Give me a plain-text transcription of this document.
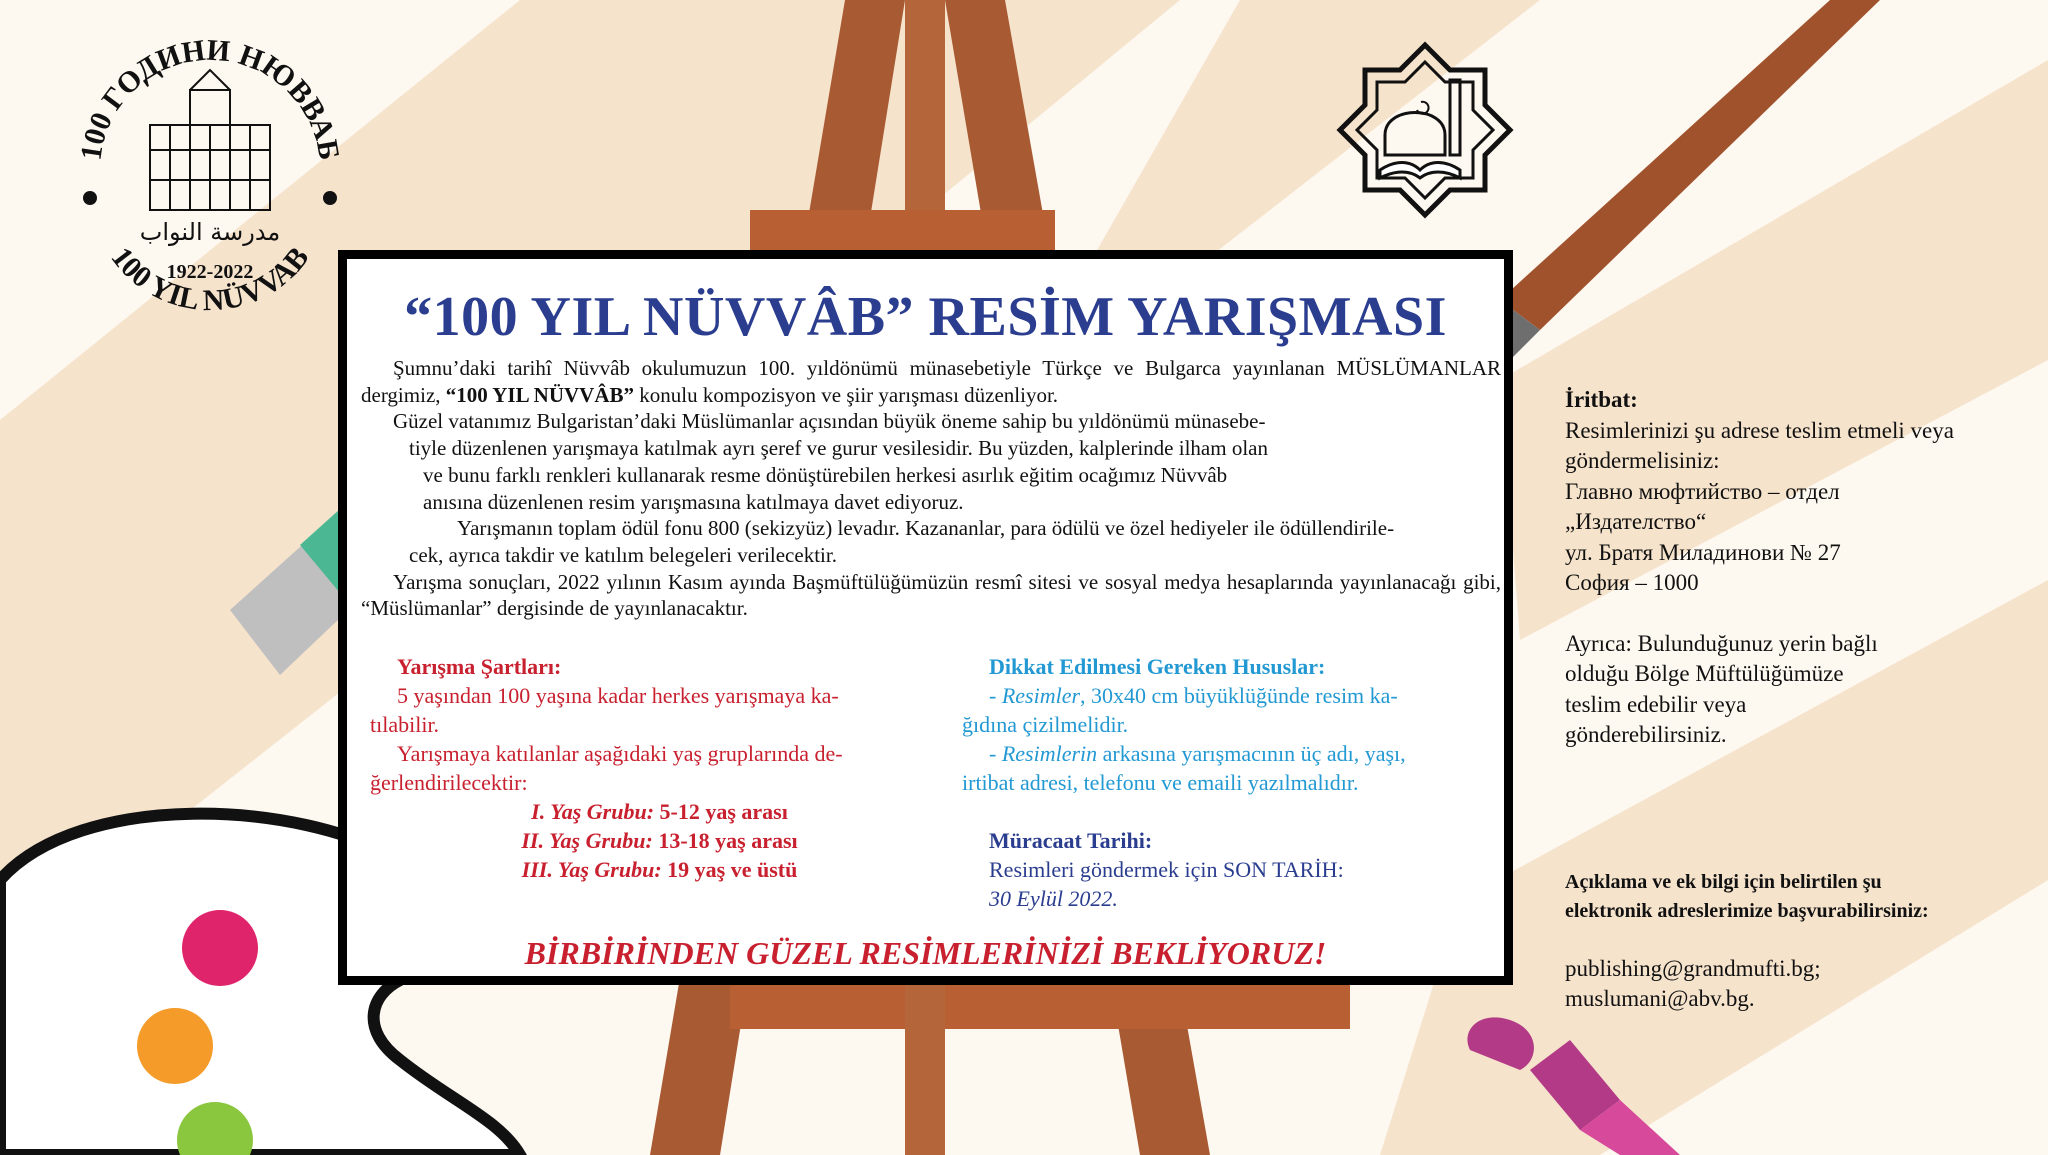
100 ГОДИНИ НЮВВАБ
100 YIL NÜVVAB
مدرسة النواب
1922-2022
“100 YIL NÜVVÂB” RESİM YARIŞMASI

Şumnu’daki tarihî Nüvvâb okulumuzun 100. yıldönümü münasebetiyle Türkçe ve Bulgarca yayınlanan MÜSLÜMANLAR dergimiz, “100 YIL NÜVVÂB” konulu kompozisyon ve şiir yarışması düzenliyor.

Güzel vatanımız Bulgaristan’daki Müslümanlar açısından büyük öneme sahip bu yıldönümü münasebe-

tiyle düzenlenen yarışmaya katılmak ayrı şeref ve gurur vesilesidir. Bu yüzden, kalplerinde ilham olan

ve bunu farklı renkleri kullanarak resme dönüştürebilen herkesi asırlık eğitim ocağımız Nüvvâb

anısına düzenlenen resim yarışmasına katılmaya davet ediyoruz.

Yarışmanın toplam ödül fonu 800 (sekizyüz) levadır. Kazananlar, para ödülü ve özel hediyeler ile ödüllendirile-

cek, ayrıca takdir ve katılım belegeleri verilecektir.

Yarışma sonuçları, 2022 yılının Kasım ayında Başmüftülüğümüzün resmî sitesi ve sosyal medya hesaplarında yayınlanacağı gibi, “Müslümanlar” dergisinde de yayınlanacaktır.

Yarışma Şartları:
5 yaşından 100 yaşına kadar herkes yarışmaya ka-
tılabilir.
Yarışmaya katılanlar aşağıdaki yaş gruplarında de-
ğerlendirilecektir:
I. Yaş Grubu: 5-12 yaş arası
II. Yaş Grubu: 13-18 yaş arası
III. Yaş Grubu: 19 yaş ve üstü
Dikkat Edilmesi Gereken Hususlar:
- Resimler, 30x40 cm büyüklüğünde resim ka-
ğıdına çizilmelidir.
- Resimlerin arkasına yarışmacının üç adı, yaşı,
irtibat adresi, telefonu ve emaili yazılmalıdır.
Müracaat Tarihi:
Resimleri göndermek için SON TARİH:
30 Eylül 2022.
BİRBİRİNDEN GÜZEL RESİMLERİNİZİ BEKLİYORUZ!
İritbat:
Resimlerinizi şu adrese teslim etmeli veya
göndermelisiniz:
Главно мюфтийство – отдел
„Издателство“
ул. Братя Миладинови № 27
София – 1000
Ayrıca: Bulunduğunuz yerin bağlı
olduğu Bölge Müftülüğümüze
teslim edebilir veya
gönderebilirsiniz.
Açıklama ve ek bilgi için belirtilen şu
elektronik adreslerimize başvurabilirsiniz:
publishing@grandmufti.bg;
muslumani@abv.bg.
